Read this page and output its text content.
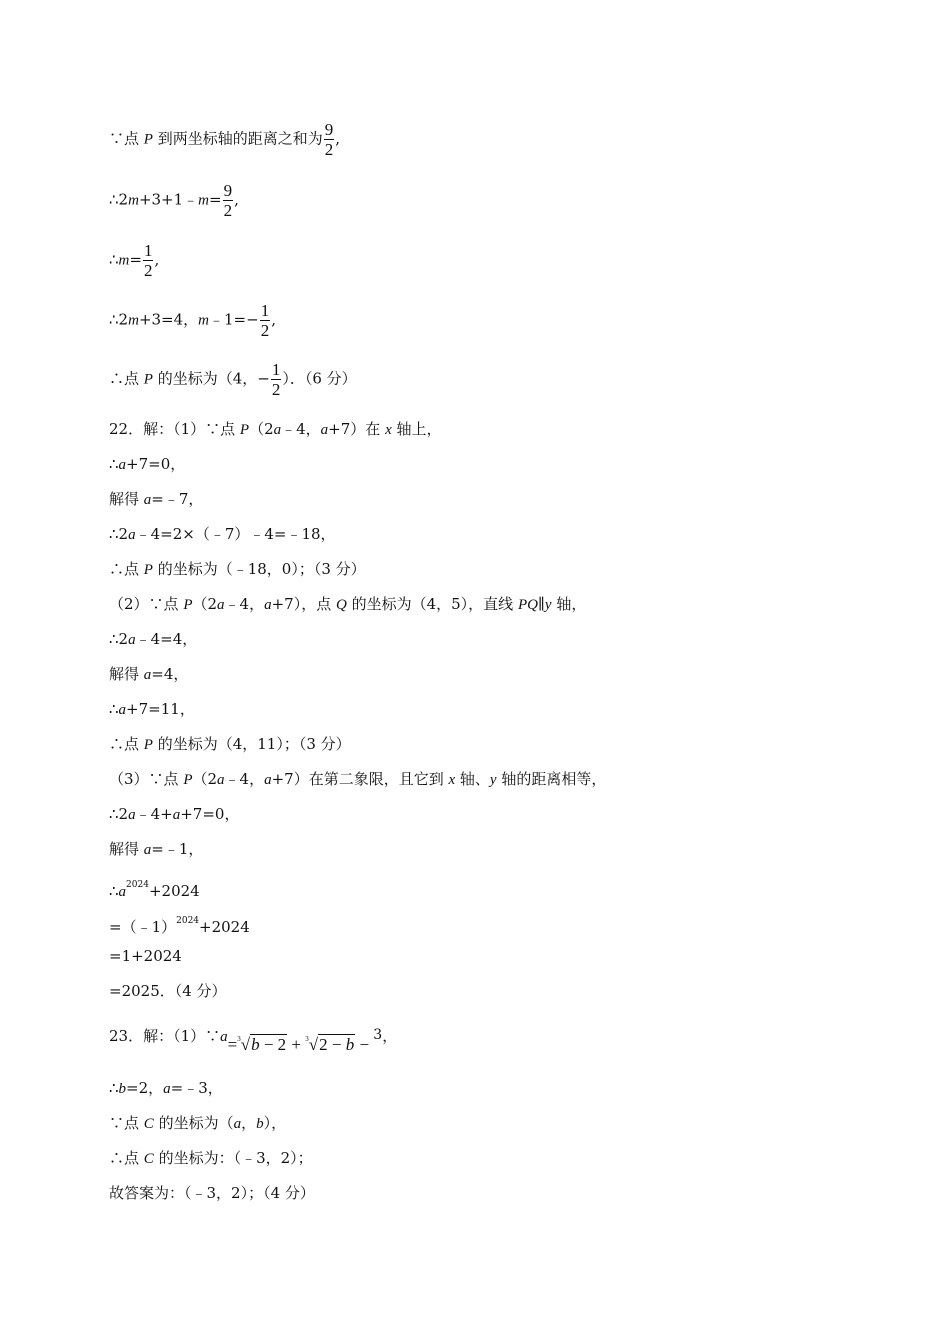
∵点 P 到两坐标轴的距离之和为 $\frac{9}{2}$ ,
∴2m+3+1﹣m= $\frac{9}{2}$ ,
∴m= $\frac{1}{2}$ ,
∴2m+3=4，m﹣1=− $\frac{1}{2}$ ,
∴点 P 的坐标为（4，− $\frac{1}{2}$ ）．（6 分）
22．解：（1）∵点 P（2a﹣4，a+7）在 x 轴上，
∴a+7=0，
解得 a=﹣7，
∴2a﹣4=2×（﹣7）﹣4=﹣18，
∴点 P 的坐标为（﹣18，0）；（3 分）
（2）∵点 P（2a﹣4，a+7），点 Q 的坐标为（4，5），直线 PQ∥y 轴，
∴2a﹣4=4，
解得 a=4，
∴a+7=11，
∴点 P 的坐标为（4，11）；（3 分）
（3）∵点 P（2a﹣4，a+7）在第二象限，且它到 x 轴、y 轴的距离相等，
∴2a﹣4+a+7=0，
解得 a=﹣1，
$\therefore a^{2024}+2024$
=（﹣1）$^{2024}$+2024
=1+2024
=2025．（4 分）
23．解：（1）∵a=$^3$√b − 2 + $^3$√2 − b − $^3$，
∴b=2，a=﹣3，
∵点 C 的坐标为（a，b），
∴点 C 的坐标为：（﹣3，2）；
故答案为：（﹣3，2）；（4 分）
